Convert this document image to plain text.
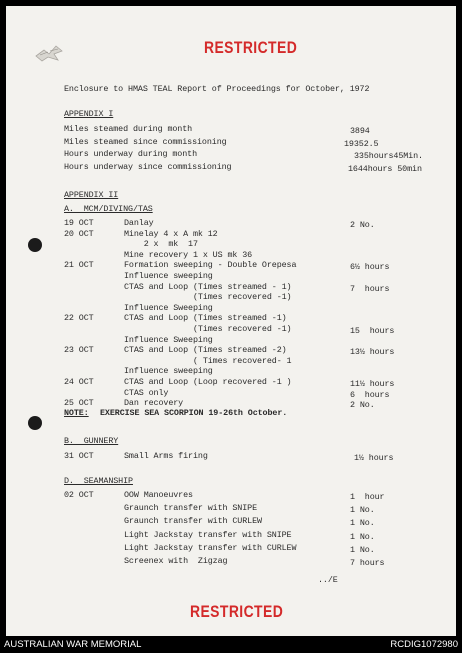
RESTRICTED
Enclosure to HMAS TEAL Report of Proceedings for October, 1972
APPENDIX I
Miles steamed during month	3894
Miles steamed since commissioning	19352.5
Hours underway during month	335hours45Min.
Hours underway since commissioning	1644hours 50min
APPENDIX II
A.  MCM/DIVING/TAS
19 OCT	Danlay	2 No.
20 OCT	Minelay 4 x A mk 12
2 x  mk  17
Mine recovery 1 x US mk 36
21 OCT	Formation sweeping - Double Orepesa	6½ hours
Influence sweeping
CTAS and Loop (Times streamed - 1)	7  hours
(Times recovered -1)
Influence Sweeping
22 OCT	CTAS and Loop (Times streamed -1)
(Times recovered -1)	15  hours
Influence Sweeping
23 OCT	CTAS and Loop (Times streamed -2)	13½ hours
( Times recovered- 1
Influence sweeping
24 OCT	CTAS and Loop (Loop recovered -1 )	11½ hours
CTAS only	6  hours
25 OCT	Dan recovery	2 No.
NOTE: EXERCISE SEA SCORPION 19-26th October.
B.  GUNNERY
31 OCT	Small Arms firing	1½ hours
D.  SEAMANSHIP
02 OCT	OOW Manoeuvres	1  hour
Graunch transfer with SNIPE	1 No.
Graunch transfer with CURLEW	1 No.
Light Jackstay transfer with SNIPE	1 No.
Light Jackstay transfer with CURLEW	1 No.
Screenex with  Zigzag	7 hours
../E
RESTRICTED
AUSTRALIAN WAR MEMORIAL	RCDIG1072980
